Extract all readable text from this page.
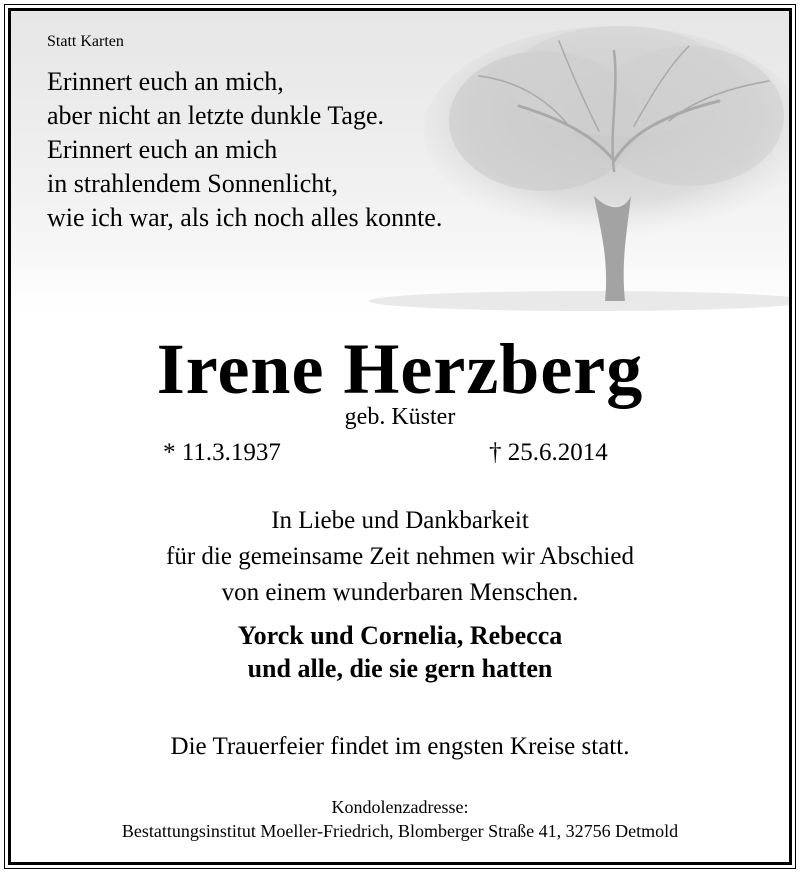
Statt Karten
Erinnert euch an mich,
aber nicht an letzte dunkle Tage.
Erinnert euch an mich
in strahlendem Sonnenlicht,
wie ich war, als ich noch alles konnte.
Irene Herzberg
geb. Küster
* 11.3.1937	† 25.6.2014
In Liebe und Dankbarkeit
für die gemeinsame Zeit nehmen wir Abschied
von einem wunderbaren Menschen.
Yorck und Cornelia, Rebecca
und alle, die sie gern hatten
Die Trauerfeier findet im engsten Kreise statt.
Kondolenzadresse:
Bestattungsinstitut Moeller-Friedrich, Blomberger Straße 41, 32756 Detmold
